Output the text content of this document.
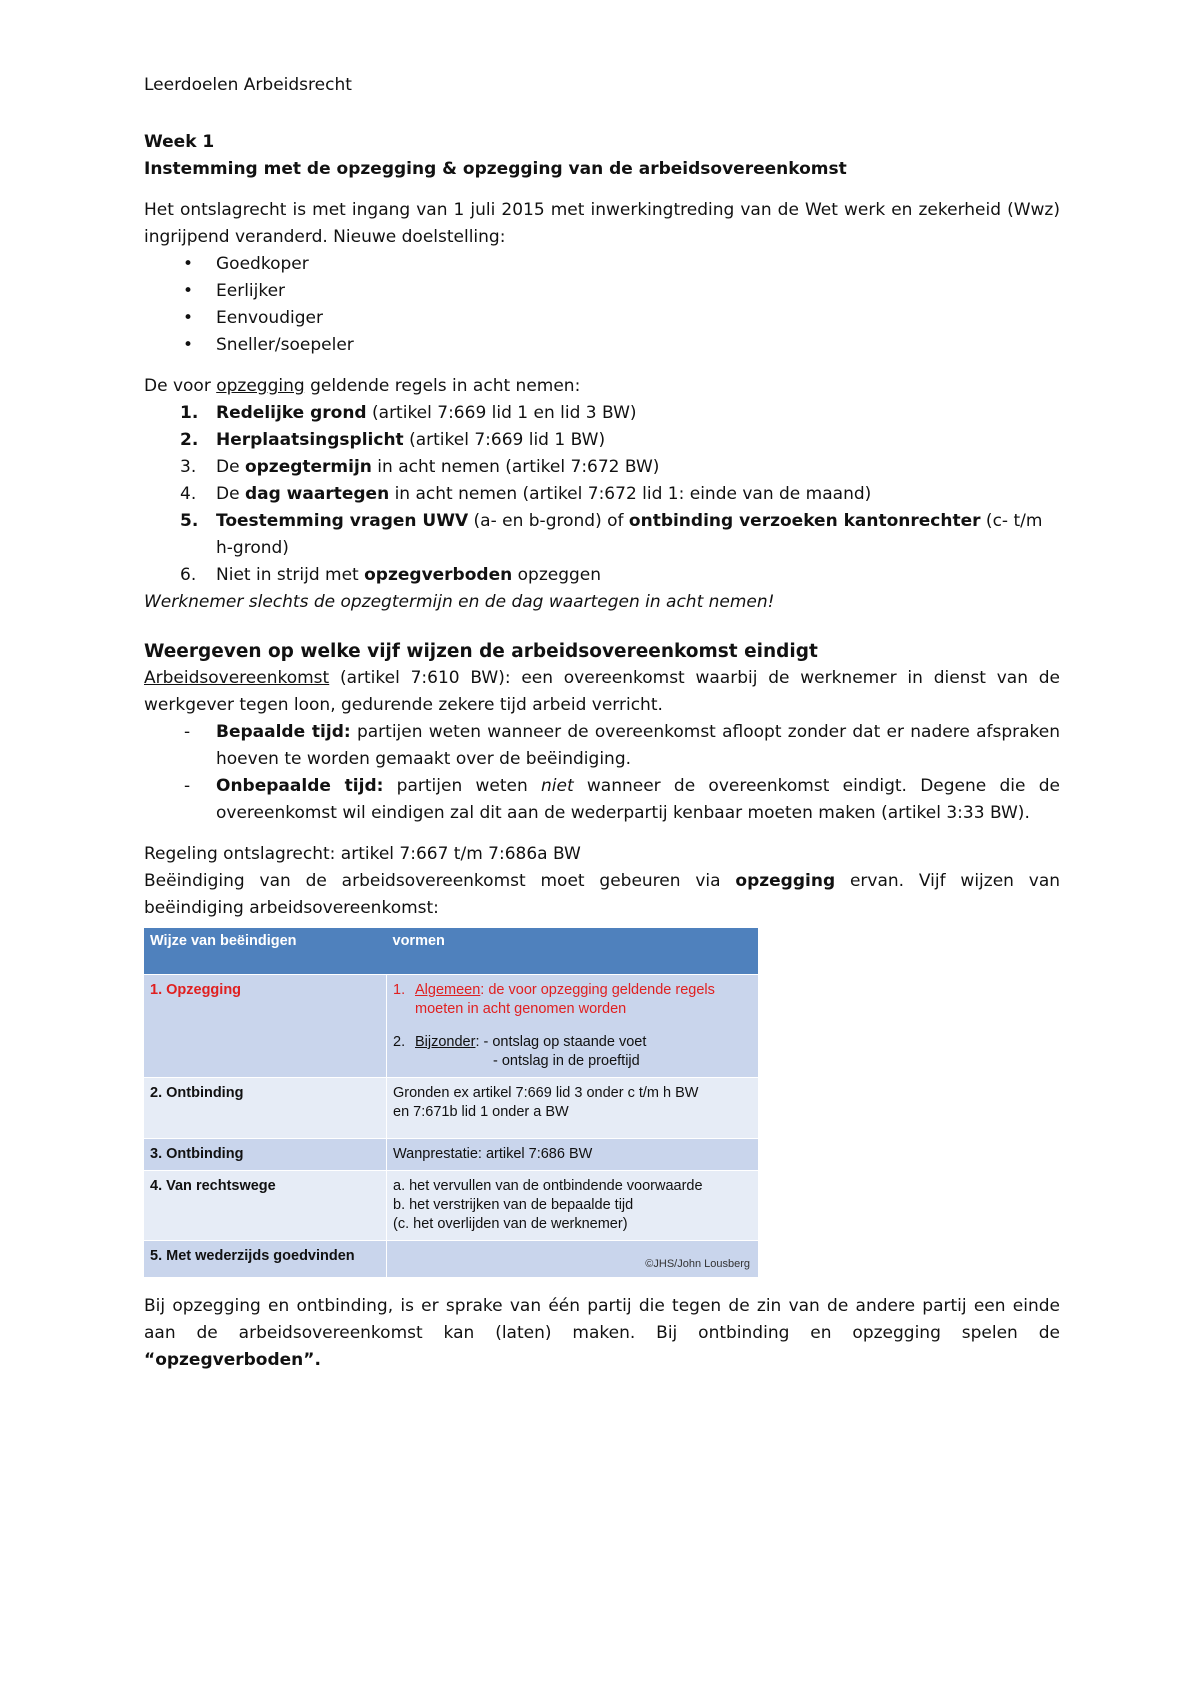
Leerdoelen Arbeidsrecht

Week 1

Instemming met de opzegging & opzegging van de arbeidsovereenkomst

Het ontslagrecht is met ingang van 1 juli 2015 met inwerkingtreding van de Wet werk en zekerheid (Wwz) ingrijpend veranderd. Nieuwe doelstelling:

• Goedkoper
• Eerlijker
• Eenvoudiger
• Sneller/soepeler

De voor opzegging geldende regels in acht nemen:

1. Redelijke grond (artikel 7:669 lid 1 en lid 3 BW)
2. Herplaatsingsplicht (artikel 7:669 lid 1 BW)
3. De opzegtermijn in acht nemen (artikel 7:672 BW)
4. De dag waartegen in acht nemen (artikel 7:672 lid 1: einde van de maand)
5. Toestemming vragen UWV (a- en b-grond) of ontbinding verzoeken kantonrechter (c- t/m h-grond)
6. Niet in strijd met opzegverboden opzeggen

Werknemer slechts de opzegtermijn en de dag waartegen in acht nemen!

Weergeven op welke vijf wijzen de arbeidsovereenkomst eindigt

Arbeidsovereenkomst (artikel 7:610 BW): een overeenkomst waarbij de werknemer in dienst van de werkgever tegen loon, gedurende zekere tijd arbeid verricht.

- Bepaalde tijd: partijen weten wanneer de overeenkomst afloopt zonder dat er nadere afspraken hoeven te worden gemaakt over de beëindiging.
- Onbepaalde tijd: partijen weten niet wanneer de overeenkomst eindigt. Degene die de overeenkomst wil eindigen zal dit aan de wederpartij kenbaar moeten maken (artikel 3:33 BW).

Regeling ontslagrecht: artikel 7:667 t/m 7:686a BW

Beëindiging van de arbeidsovereenkomst moet gebeuren via opzegging ervan. Vijf wijzen van beëindiging arbeidsovereenkomst:

Wijze van beëindigen	vormen
1. Opzegging	1. Algemeen: de voor opzegging geldende regels moeten in acht genomen worden
2. Bijzonder: - ontslag op staande voet
- ontslag in de proeftijd

2. Ontbinding	Gronden ex artikel 7:669 lid 3 onder c t/m h BW
en 7:671b lid 1 onder a BW

3. Ontbinding	Wanprestatie: artikel 7:686 BW
4. Van rechtswege	a. het vervullen van de ontbindende voorwaarde
b. het verstrijken van de bepaalde tijd
(c. het overlijden van de werknemer)

5. Met wederzijds goedvinden	©JHS/John Lousberg

Bij opzegging en ontbinding, is er sprake van één partij die tegen de zin van de andere partij een einde aan de arbeidsovereenkomst kan (laten) maken. Bij ontbinding en opzegging spelen de “opzegverboden”.
